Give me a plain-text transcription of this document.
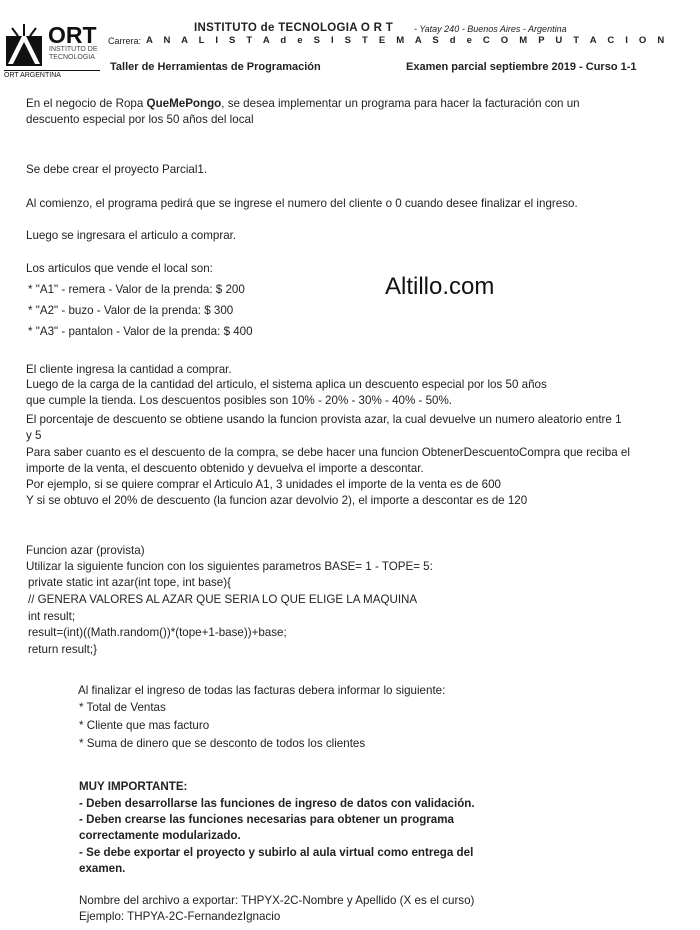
ORT
INSTITUTO DE
TECNOLOGIA
ORT ARGENTINA
INSTITUTO de TECNOLOGIA O R T - Yatay 240 - Buenos Aires - Argentina
Carrera: A N A L I S T A d e S I S T E M A S d e C O M P U T A C I O N
Taller de Herramientas de Programación	Examen parcial septiembre 2019 - Curso 1-1
Altillo.com
En el negocio de Ropa QueMePongo, se desea implementar un programa para hacer la facturación con un
descuento especial por los 50 años del local
Se debe crear el proyecto Parcial1.
Al comienzo, el programa pedirá que se ingrese el numero del cliente o 0 cuando desee finalizar el ingreso.
Luego se ingresara el articulo a comprar.
Los articulos que vende el local son:
* "A1" - remera - Valor de la prenda: $ 200
* "A2" - buzo - Valor de la prenda: $ 300
* "A3" - pantalon - Valor de la prenda: $ 400
El cliente ingresa la cantidad a comprar.
Luego de la carga de la cantidad del articulo, el sistema aplica un descuento especial por los 50 años
que cumple la tienda. Los descuentos posibles son 10% - 20% - 30% - 40% - 50%.
El porcentaje de descuento se obtiene usando la funcion provista azar, la cual devuelve un numero aleatorio entre 1
y 5
Para saber cuanto es el descuento de la compra, se debe hacer una funcion ObtenerDescuentoCompra que reciba el
importe de la venta, el descuento obtenido y devuelva el importe a descontar.
Por ejemplo, si se quiere comprar el Articulo A1, 3 unidades el importe de la venta es de 600
Y si se obtuvo el 20% de descuento (la funcion azar devolvio 2), el importe a descontar es de 120
Funcion azar (provista)
Utilizar la siguiente funcion con los siguientes parametros BASE= 1 - TOPE= 5:
private static int azar(int tope, int base){
// GENERA VALORES AL AZAR QUE SERIA LO QUE ELIGE LA MAQUINA
int result;
result=(int)((Math.random())*(tope+1-base))+base;
return result;}
Al finalizar el ingreso de todas las facturas debera informar lo siguiente:
* Total de Ventas
* Cliente que mas facturo
* Suma de dinero que se desconto de todos los clientes
MUY IMPORTANTE:
- Deben desarrollarse las funciones de ingreso de datos con validación.
- Deben crearse las funciones necesarias para obtener un programa
correctamente modularizado.
- Se debe exportar el proyecto y subirlo al aula virtual como entrega del
examen.
Nombre del archivo a exportar: THPYX-2C-Nombre y Apellido (X es el curso)
Ejemplo: THPYA-2C-FernandezIgnacio
